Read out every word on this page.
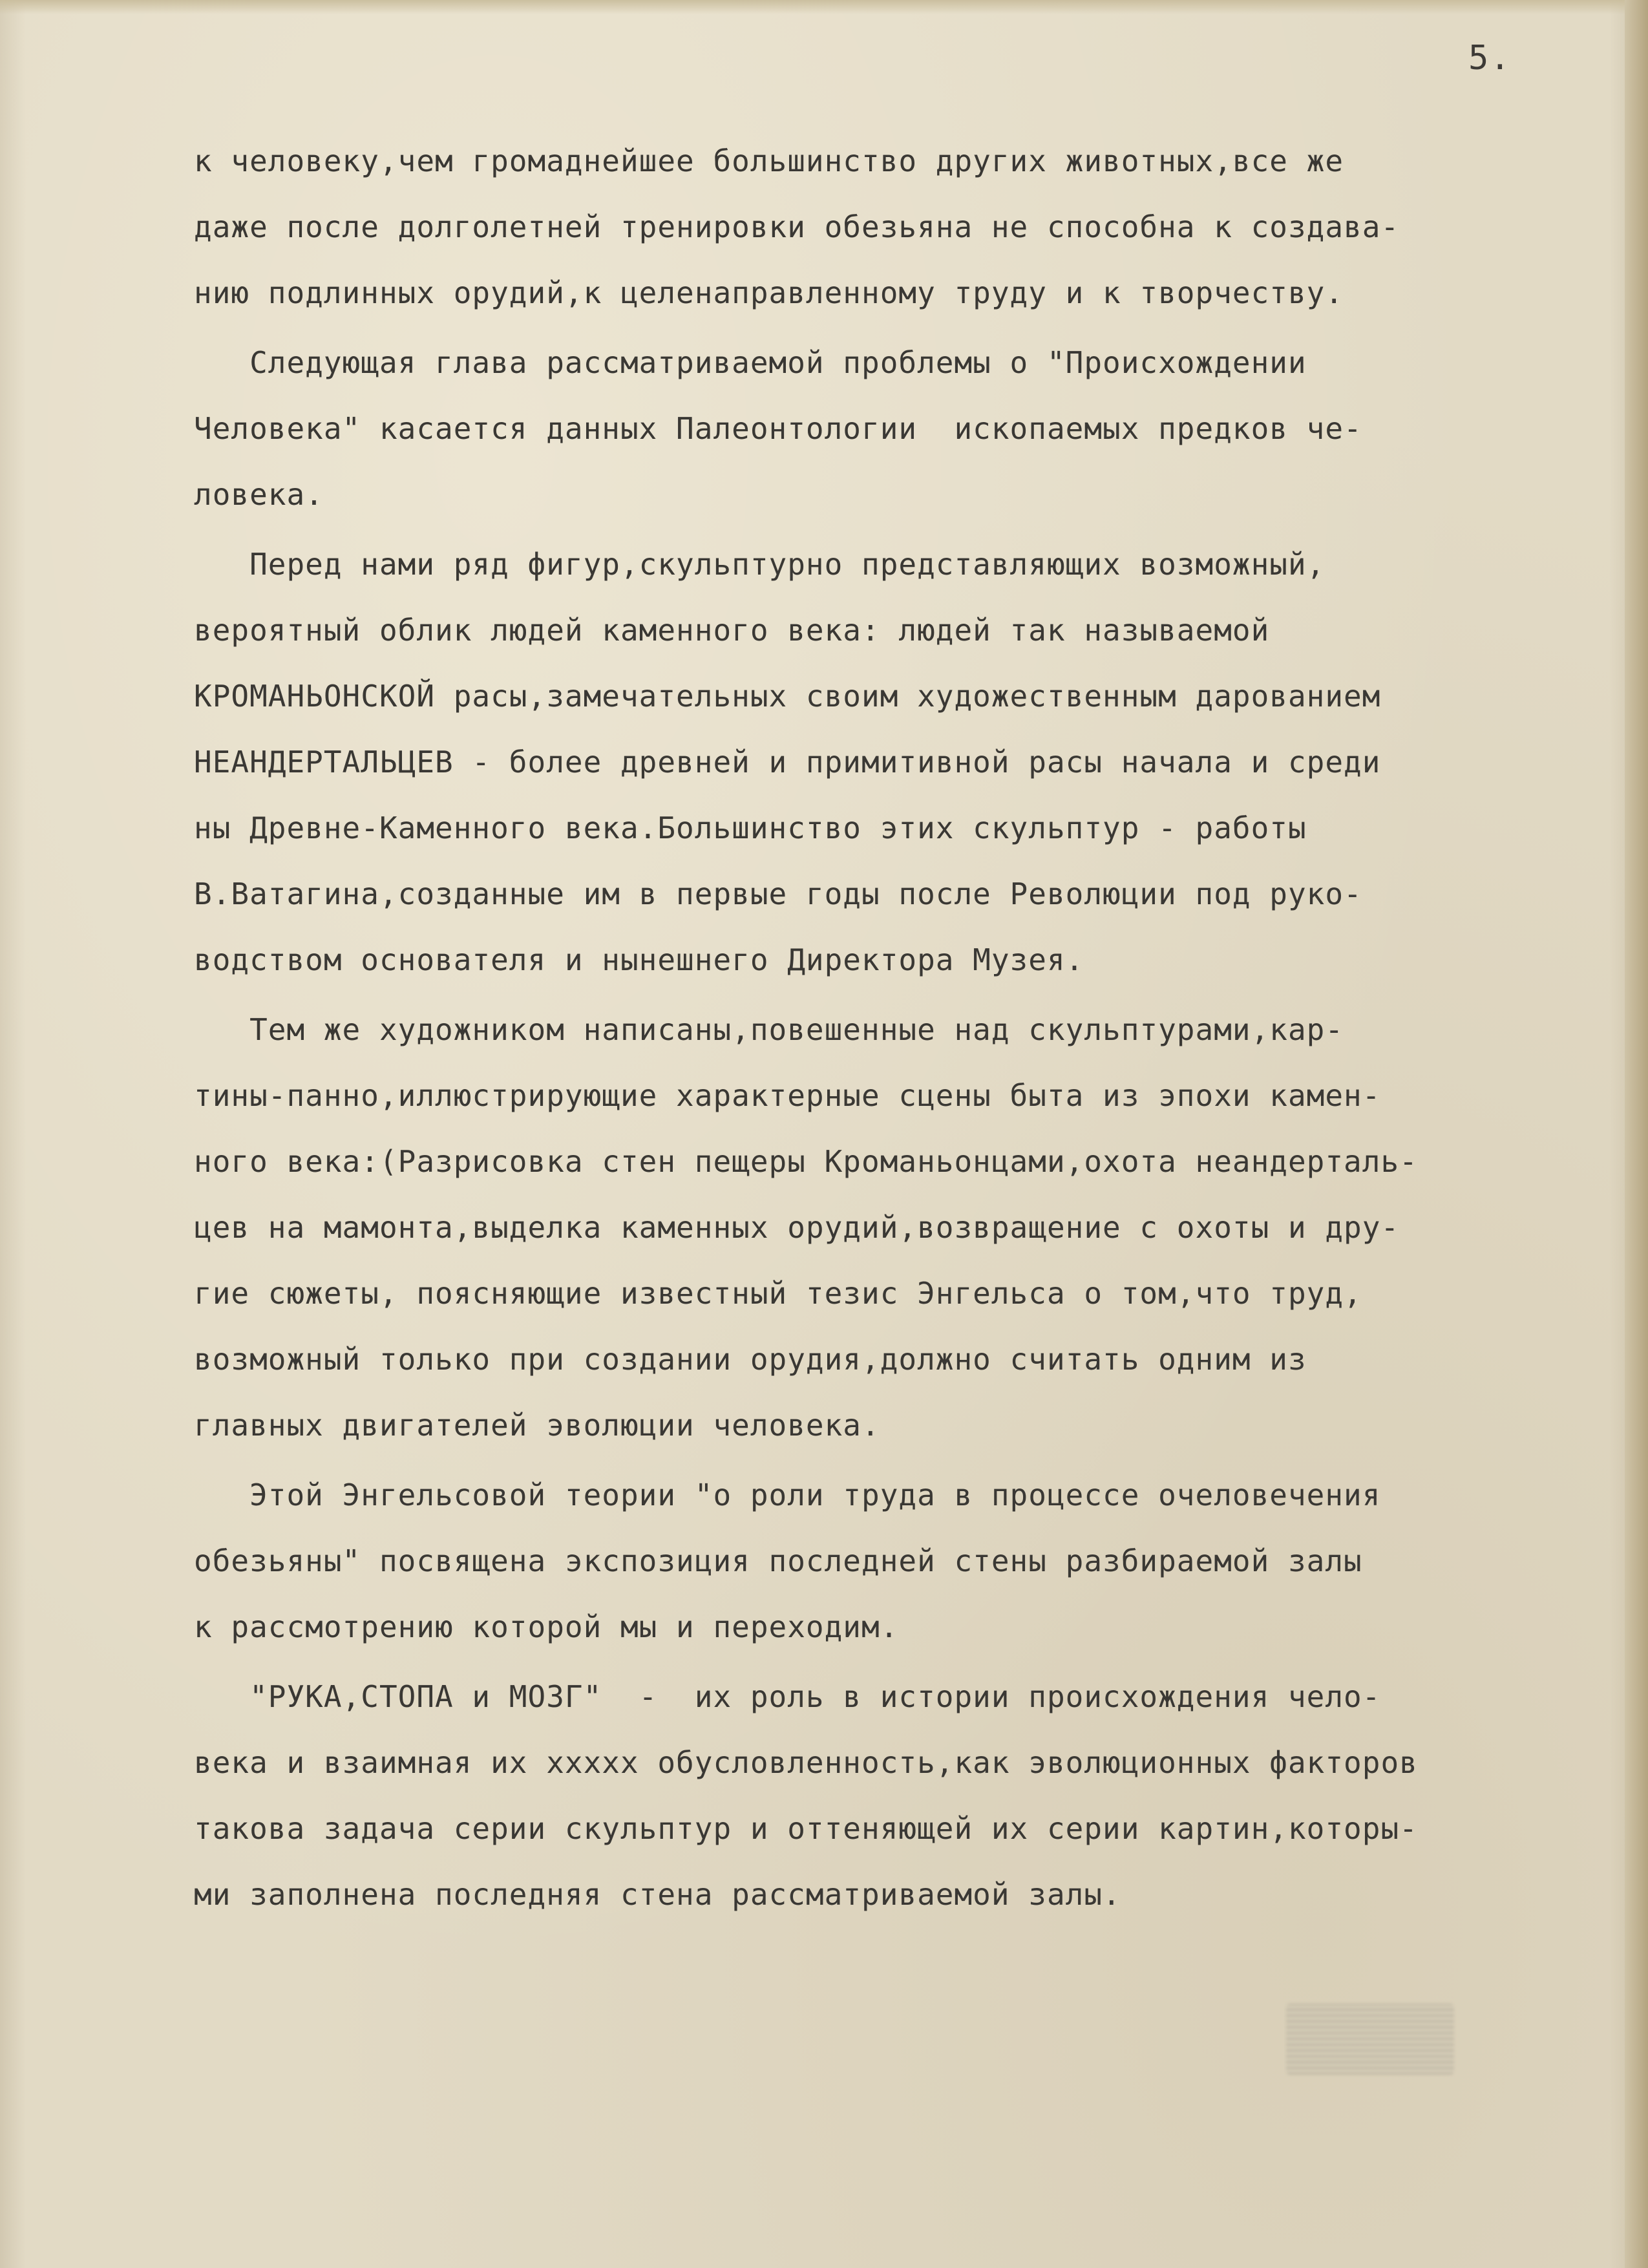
5.
к человеку,чем громаднейшее большинство других животных,все же
даже после долголетней тренировки обезьяна не способна к создава-
нию подлинных орудий,к целенаправленному труду и к творчеству.
Следующая глава рассматриваемой проблемы о "Происхождении
Человека" касается данных Палеонтологии  ископаемых предков че-
ловека.
Перед нами ряд фигур,скульптурно представляющих возможный,
вероятный облик людей каменного века: людей так называемой
КРОМАНЬОНСКОЙ расы,замечательных своим художественным дарованием
НЕАНДЕРТАЛЬЦЕВ - более древней и примитивной расы начала и среди
ны Древне-Каменного века.Большинство этих скульптур - работы
В.Ватагина,созданные им в первые годы после Революции под руко-
водством основателя и нынешнего Директора Музея.
Тем же художником написаны,повешенные над скульптурами,кар-
тины-панно,иллюстрирующие характерные сцены быта из эпохи камен-
ного века:(Разрисовка стен пещеры Кроманьонцами,охота неандерталь-
цев на мамонта,выделка каменных орудий,возвращение с охоты и дру-
гие сюжеты, поясняющие известный тезис Энгельса о том,что труд,
возможный только при создании орудия,должно считать одним из
главных двигателей эволюции человека.
Этой Энгельсовой теории "о роли труда в процессе очеловечения
обезьяны" посвящена экспозиция последней стены разбираемой залы
к рассмотрению которой мы и переходим.
"РУКА,СТОПА и МОЗГ"  -  их роль в истории происхождения чело-
века и взаимная их ххххх обусловленность,как эволюционных факторов
такова задача серии скульптур и оттеняющей их серии картин,которы-
ми заполнена последняя стена рассматриваемой залы.
